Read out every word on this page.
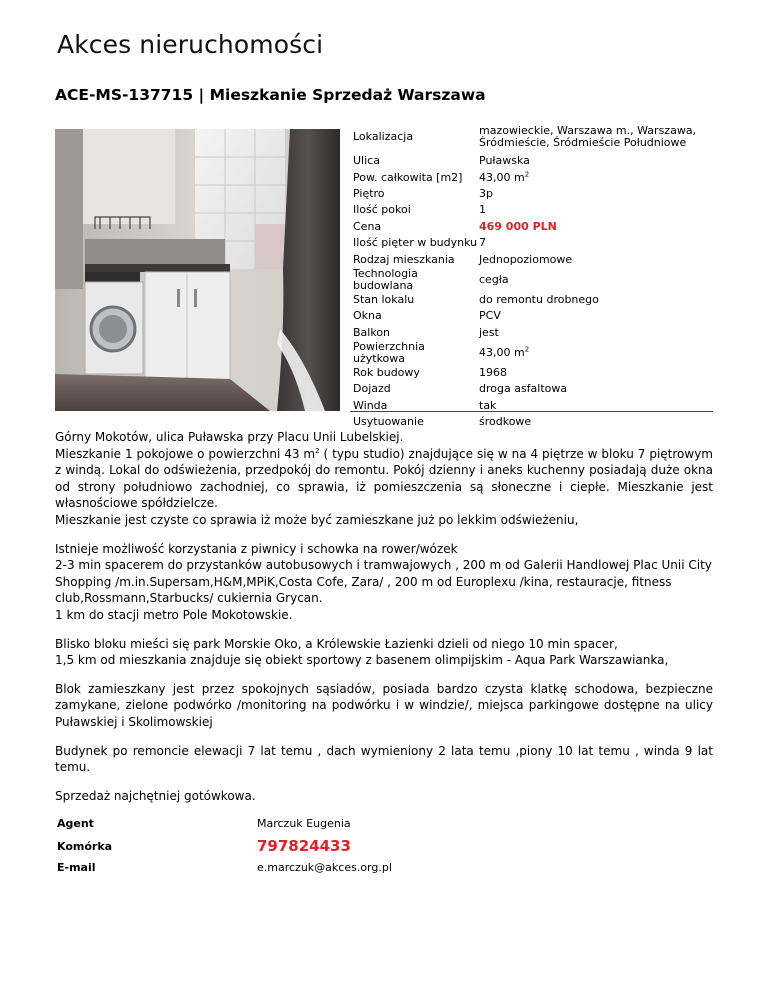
Akces nieruchomości
ACE-MS-137715 | Mieszkanie Sprzedaż Warszawa
Lokalizacja	mazowieckie, Warszawa m., Warszawa, Śródmieście, Śródmieście Południowe
Ulica	Puławska
Pow. całkowita [m2]	43,00 $m^2$
Piętro	3p
Ilość pokoi	1
Cena	469 000 PLN
Ilość pięter w budynku	7
Rodzaj mieszkania	Jednopoziomowe
Technologia budowlana	cegła
Stan lokalu	do remontu drobnego
Okna	PCV
Balkon	jest
Powierzchnia użytkowa	43,00 $m^2$
Rok budowy	1968
Dojazd	droga asfaltowa
Winda	tak
Usytuowanie	środkowe

Górny Mokotów, ulica Puławska przy Placu Unii Lubelskiej.
Mieszkanie 1 pokojowe o powierzchni 43 $m^2$ ( typu studio) znajdujące się w na 4 piętrze w bloku 7 piętrowym z windą. Lokal do odświeżenia, przedpokój do remontu. Pokój dzienny i aneks kuchenny posiadają duże okna od strony południowo zachodniej, co sprawia, iż pomieszczenia są słoneczne i ciepłe. Mieszkanie jest własnościowe spółdzielcze.
Mieszkanie jest czyste co sprawia iż może być zamieszkane już po lekkim odświeżeniu,

Istnieje możliwość korzystania z piwnicy i schowka na rower/wózek
2-3 min spacerem do przystanków autobusowych i tramwajowych , 200 m od Galerii Handlowej Plac Unii City Shopping /m.in.Supersam,H&M,MPiK,Costa Cofe, Zara/ , 200 m od Europlexu /kina, restauracje, fitness club,Rossmann,Starbucks/ cukiernia Grycan.
1 km do stacji metro Pole Mokotowskie.

Blisko bloku mieści się park Morskie Oko, a Królewskie Łazienki dzieli od niego 10 min spacer,
1,5 km od mieszkania znajduje się obiekt sportowy z basenem olimpijskim - Aqua Park Warszawianka,

Blok zamieszkany jest przez spokojnych sąsiadów, posiada bardzo czysta klatkę schodowa, bezpieczne zamykane, zielone podwórko /monitoring na podwórku i w windzie/, miejsca parkingowe dostępne na ulicy Puławskiej i Skolimowskiej

Budynek po remoncie elewacji 7 lat temu , dach wymieniony 2 lata temu ,piony 10 lat temu , winda 9 lat temu.

Sprzedaż najchętniej gotówkowa.

Agent	Marczuk Eugenia
Komórka	797824433
E-mail	e.marczuk@akces.org.pl
